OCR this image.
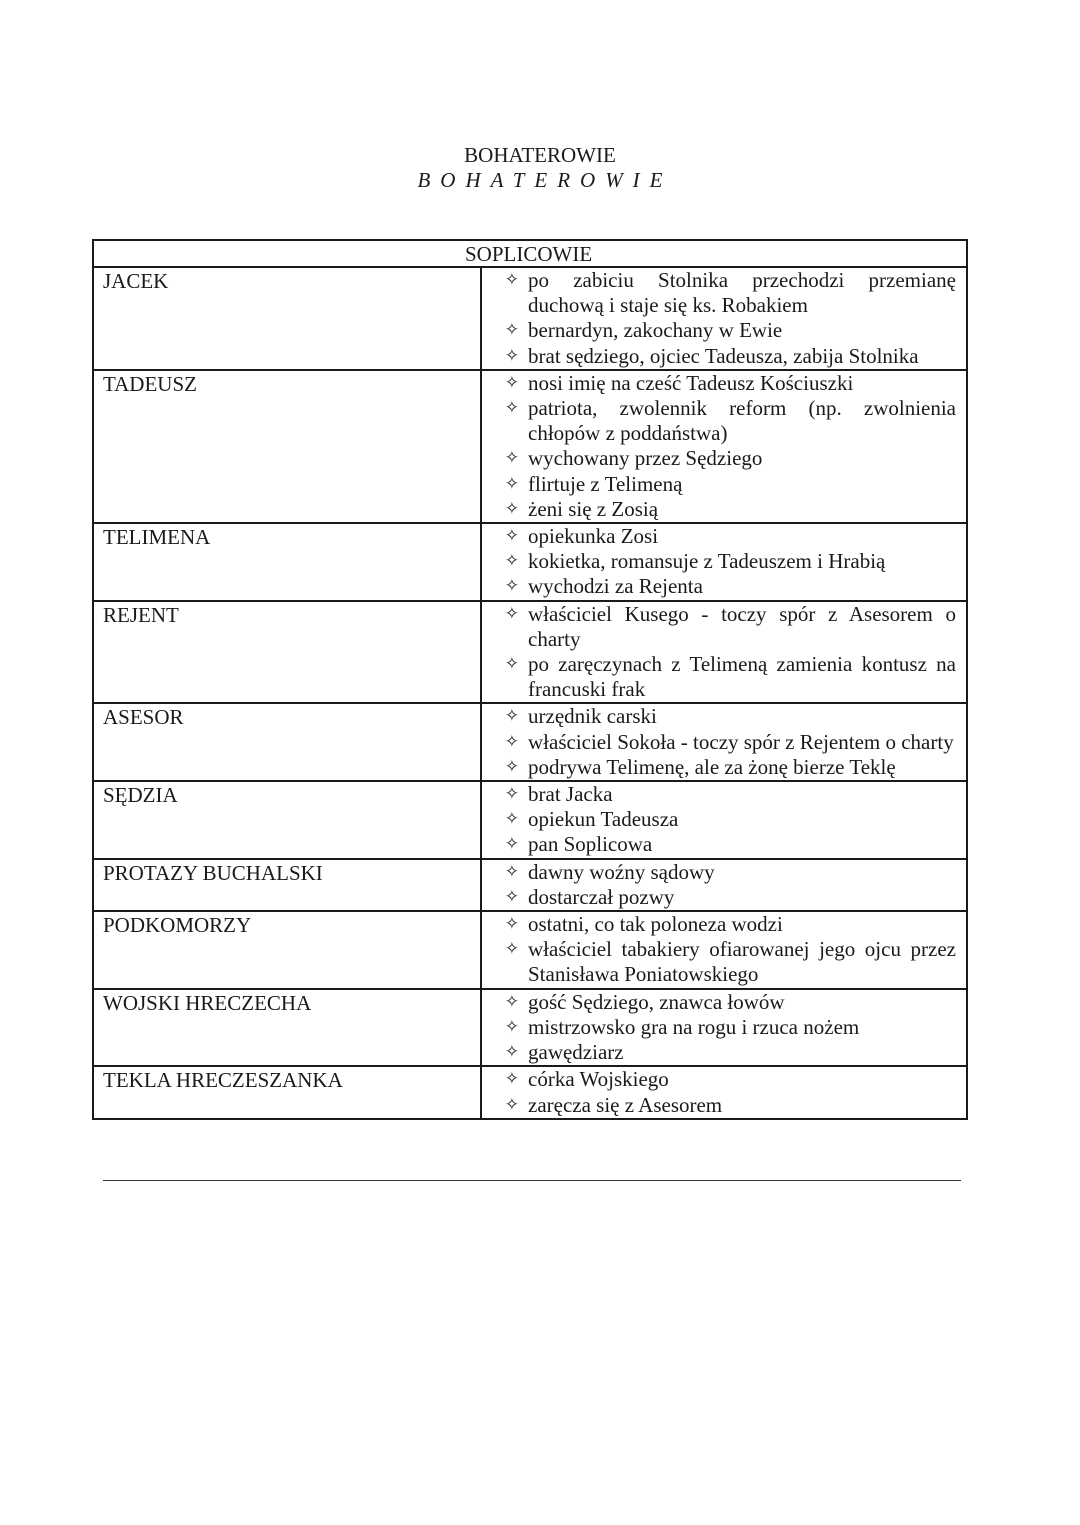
BOHATEROWIE
BOHATEROWIE
SOPLICOWIE
JACEK	✧ po zabiciu Stolnika przechodzi przemianę duchową i staje się ks. Robakiem
✧ bernardyn, zakochany w Ewie
✧ brat sędziego, ojciec Tadeusza, zabija Stolnika
TADEUSZ	✧ nosi imię na cześć Tadeusz Kościuszki
✧ patriota, zwolennik reform (np. zwolnienia chłopów z poddaństwa)
✧ wychowany przez Sędziego
✧ flirtuje z Telimeną
✧ żeni się z Zosią
TELIMENA	✧ opiekunka Zosi
✧ kokietka, romansuje z Tadeuszem i Hrabią
✧ wychodzi za Rejenta
REJENT	✧ właściciel Kusego - toczy spór z Asesorem o charty
✧ po zaręczynach z Telimeną zamienia kontusz na francuski frak
ASESOR	✧ urzędnik carski
✧ właściciel Sokoła - toczy spór z Rejentem o charty
✧ podrywa Telimenę, ale za żonę bierze Teklę
SĘDZIA	✧ brat Jacka
✧ opiekun Tadeusza
✧ pan Soplicowa
PROTAZY BUCHALSKI	✧ dawny woźny sądowy
✧ dostarczał pozwy
PODKOMORZY	✧ ostatni, co tak poloneza wodzi
✧ właściciel tabakiery ofiarowanej jego ojcu przez Stanisława Poniatowskiego
WOJSKI HRECZECHA	✧ gość Sędziego, znawca łowów
✧ mistrzowsko gra na rogu i rzuca nożem
✧ gawędziarz
TEKLA HRECZESZANKA	✧ córka Wojskiego
✧ zaręcza się z Asesorem
